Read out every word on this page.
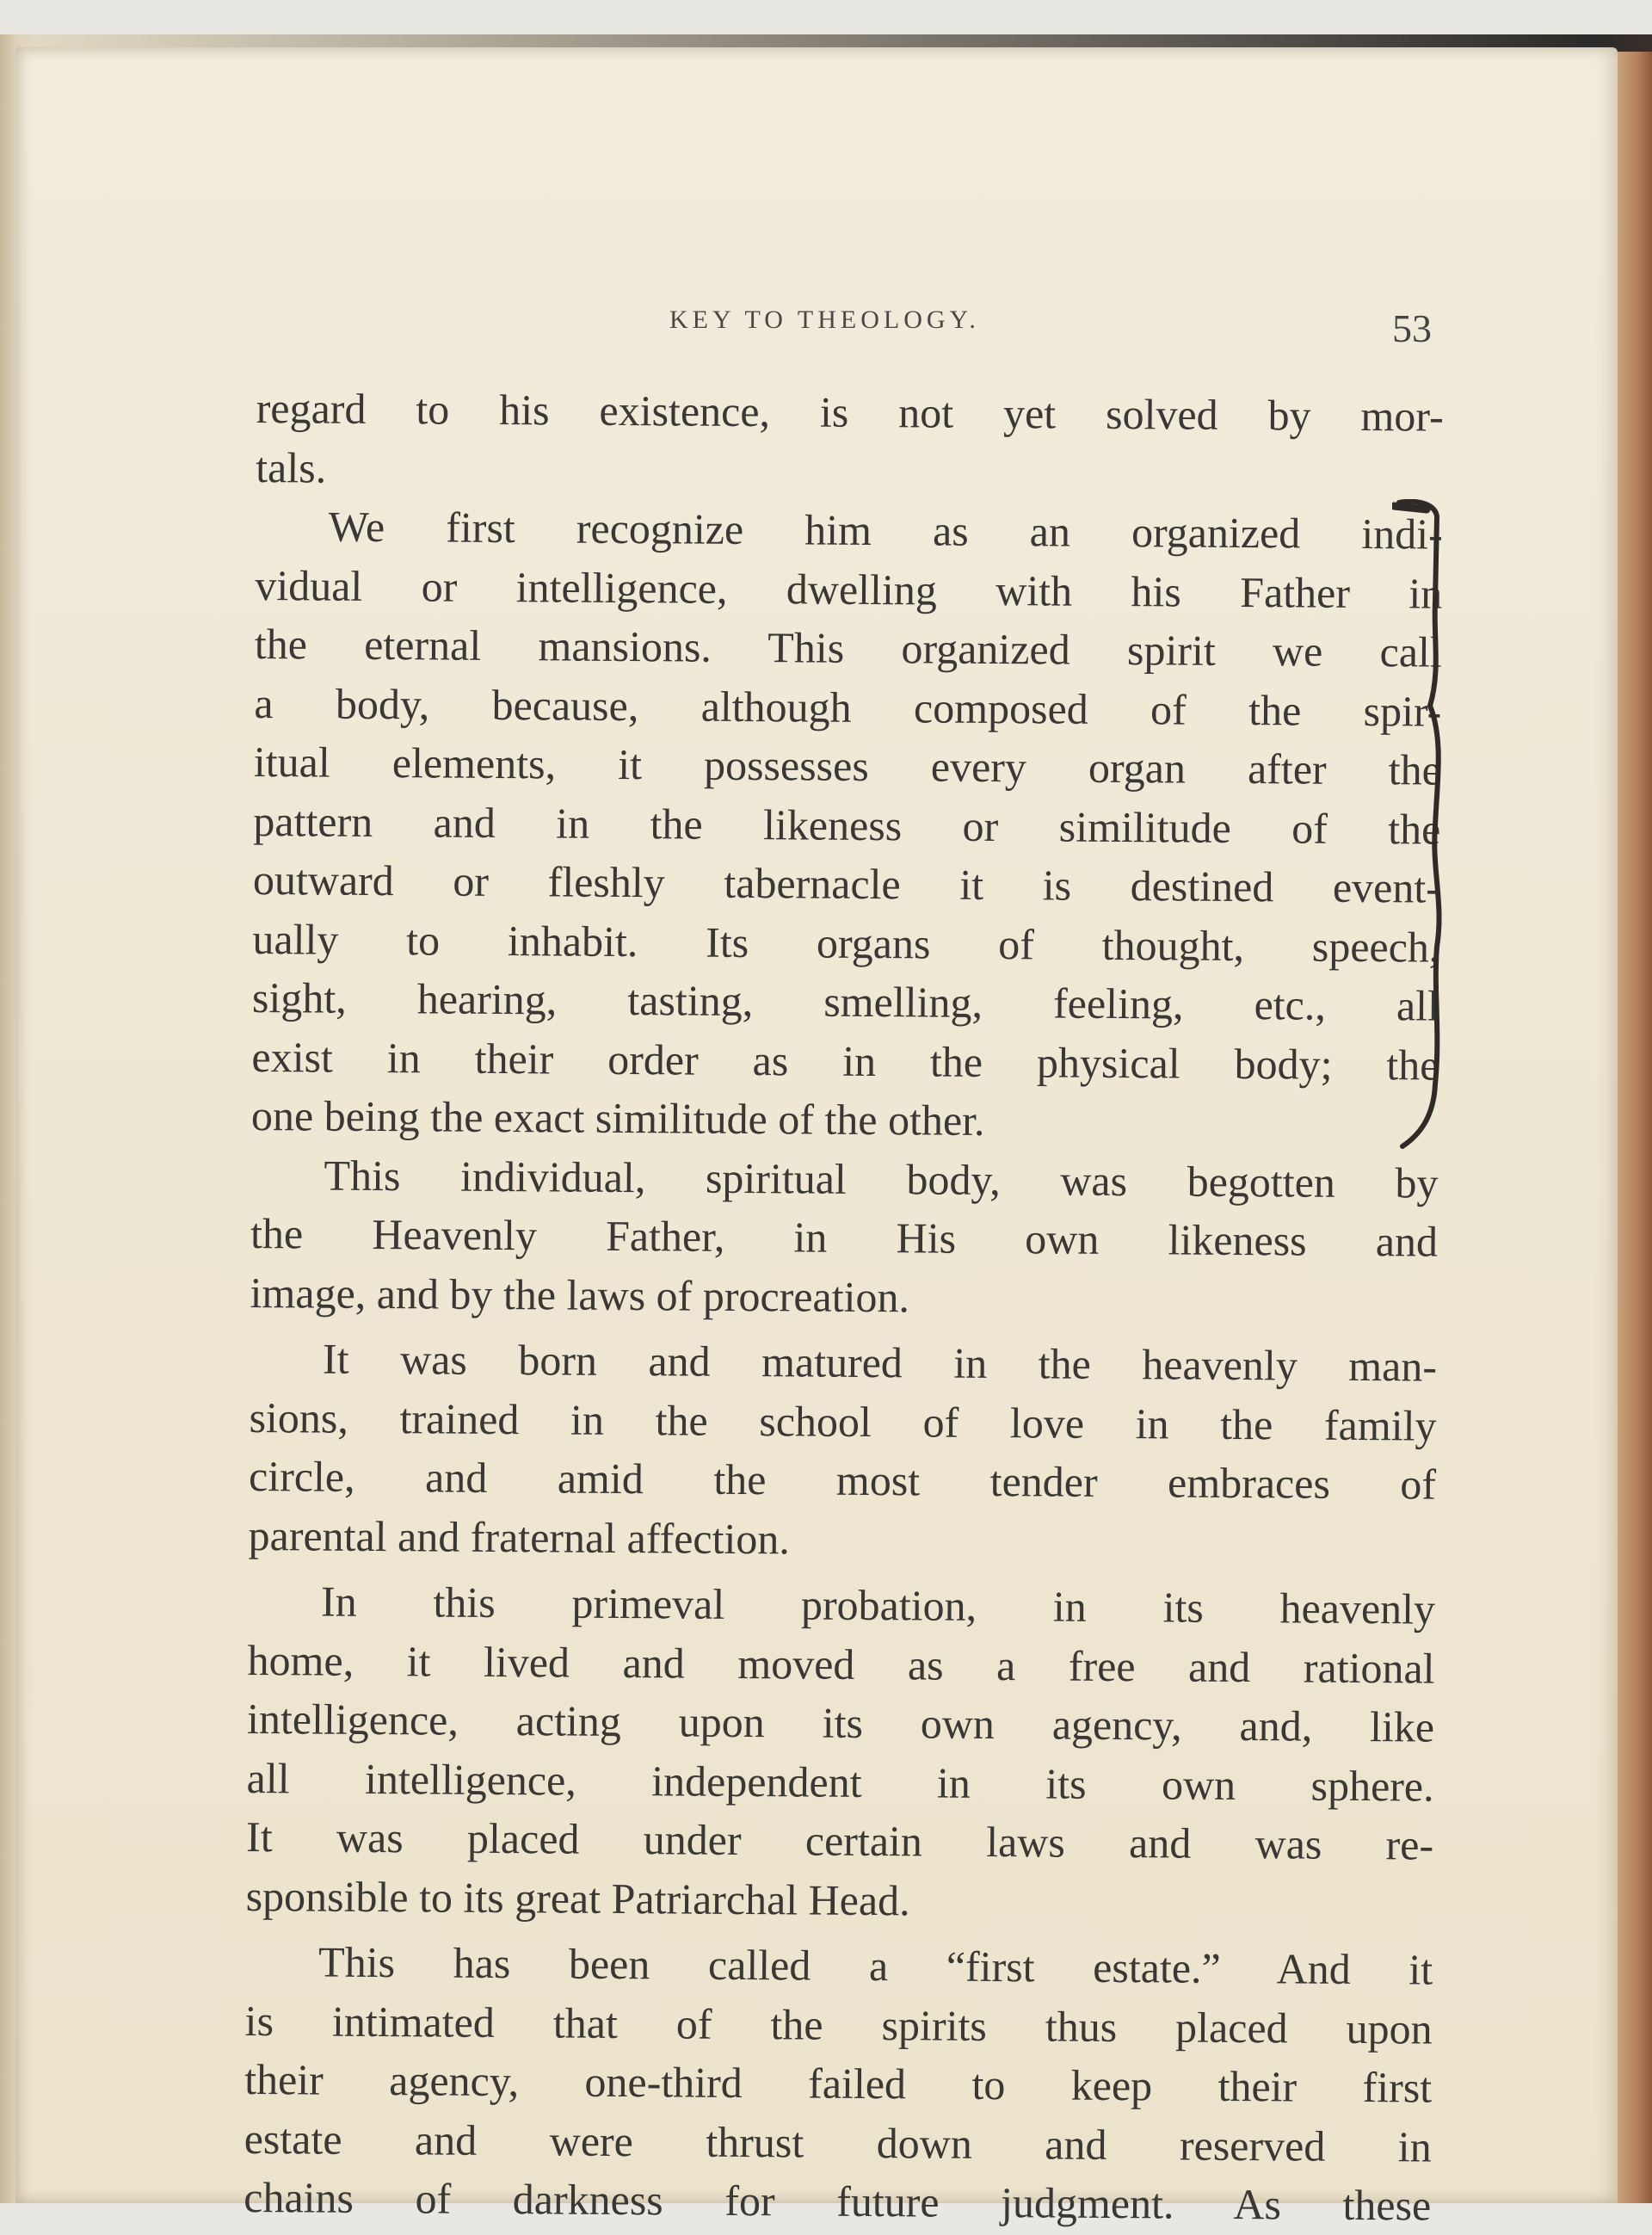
KEY TO THEOLOGY.	53
regard to his existence, is not yet solved by mor-
tals.
We first recognize him as an organized indi-
vidual or intelligence, dwelling with his Father in
the eternal mansions. This organized spirit we call
a body, because, although composed of the spir-
itual elements, it possesses every organ after the
pattern and in the likeness or similitude of the
outward or fleshly tabernacle it is destined event-
ually to inhabit. Its organs of thought, speech,
sight, hearing, tasting, smelling, feeling, etc., all
exist in their order as in the physical body; the
one being the exact similitude of the other.
This individual, spiritual body, was begotten by
the Heavenly Father, in His own likeness and
image, and by the laws of procreation.
It was born and matured in the heavenly man-
sions, trained in the school of love in the family
circle, and amid the most tender embraces of
parental and fraternal affection.
In this primeval probation, in its heavenly
home, it lived and moved as a free and rational
intelligence, acting upon its own agency, and, like
all intelligence, independent in its own sphere.
It was placed under certain laws and was re-
sponsible to its great Patriarchal Head.
This has been called a “first estate.” And it
is intimated that of the spirits thus placed upon
their agency, one-third failed to keep their first
estate and were thrust down and reserved in
chains of darkness for future judgment. As these
